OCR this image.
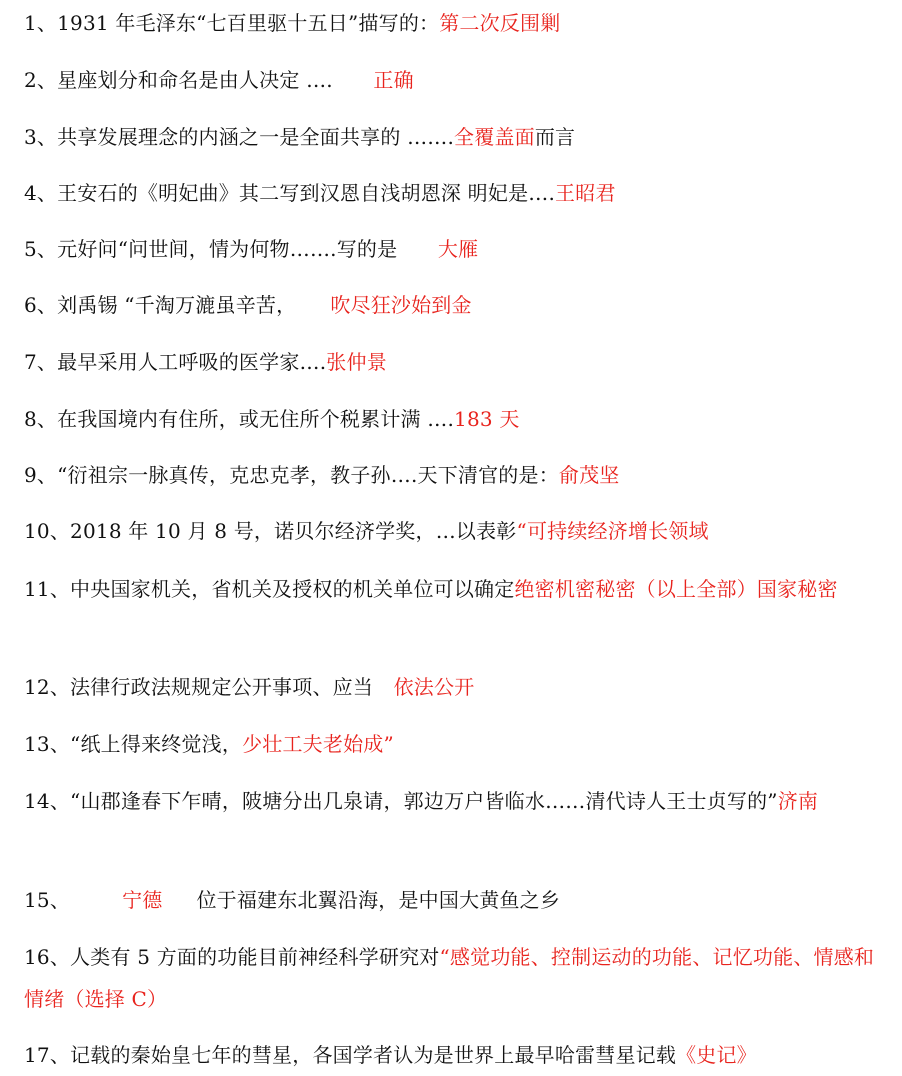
1、1931 年毛泽东“七百里驱十五日”描写的：第二次反围剿
2、星座划分和命名是由人决定 …. 正确
3、共享发展理念的内涵之一是全面共享的 …….全覆盖面而言
4、王安石的《明妃曲》其二写到汉恩自浅胡恩深 明妃是….王昭君
5、元好问“问世间，情为何物…….写的是 大雁
6、刘禹锡 “千淘万漉虽辛苦， 吹尽狂沙始到金
7、最早采用人工呼吸的医学家….张仲景
8、在我国境内有住所，或无住所个税累计满 ….183 天
9、“衍祖宗一脉真传，克忠克孝，教子孙….天下清官的是：俞茂坚
10、2018 年 10 月 8 号，诺贝尔经济学奖，…以表彰“可持续经济增长领域
11、中央国家机关，省机关及授权的机关单位可以确定绝密机密秘密（以上全部）国家秘密
12、法律行政法规规定公开事项、应当 依法公开
13、“纸上得来终觉浅，少壮工夫老始成”
14、“山郡逢春下乍晴，陂塘分出几泉请，郭边万户皆临水……清代诗人王士贞写的”济南
15、	宁德 位于福建东北翼沿海，是中国大黄鱼之乡
16、人类有 5 方面的功能目前神经科学研究对“感觉功能、控制运动的功能、记忆功能、情感和情绪（选择 C）
17、记载的秦始皇七年的彗星，各国学者认为是世界上最早哈雷彗星记载《史记》
